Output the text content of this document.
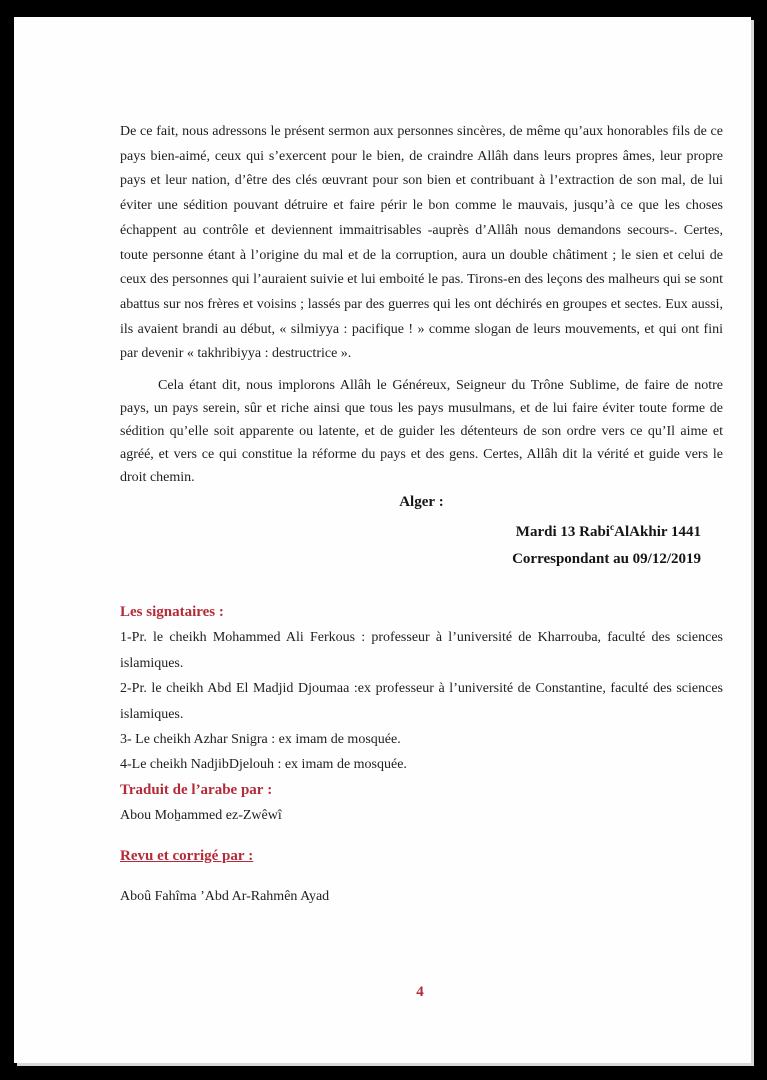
De ce fait, nous adressons le présent sermon aux personnes sincères, de même qu’aux honorables fils de ce pays bien-aimé, ceux qui s’exercent pour le bien, de craindre Allâh dans leurs propres âmes, leur propre pays et leur nation, d’être des clés œuvrant pour son bien et contribuant à l’extraction de son mal, de lui éviter une sédition pouvant détruire et faire périr le bon comme le mauvais, jusqu’à ce que les choses échappent au contrôle et deviennent immaitrisables -auprès d’Allâh nous demandons secours-. Certes, toute personne étant à l’origine du mal et de la corruption, aura un double châtiment ; le sien et celui de ceux des personnes qui l’auraient suivie et lui emboité le pas. Tirons-en des leçons des malheurs qui se sont abattus sur nos frères et voisins ; lassés par des guerres qui les ont déchirés en groupes et sectes. Eux aussi, ils avaient brandi au début, « silmiyya : pacifique ! » comme slogan de leurs mouvements, et qui ont fini par devenir « takhribiyya : destructrice ».

Cela étant dit, nous implorons Allâh le Généreux, Seigneur du Trône Sublime, de faire de notre pays, un pays serein, sûr et riche ainsi que tous les pays musulmans, et de lui faire éviter toute forme de sédition qu’elle soit apparente ou latente, et de guider les détenteurs de son ordre vers ce qu’Il aime et agréé, et vers ce qui constitue la réforme du pays et des gens. Certes, Allâh dit la vérité et guide vers le droit chemin.

Alger :
Mardi 13 Rabi$^c$AlAkhir 1441
Correspondant au 09/12/2019
Les signataires :

1-Pr. le cheikh Mohammed Ali Ferkous : professeur à l’université de Kharrouba, faculté des sciences islamiques.

2-Pr. le cheikh Abd El Madjid Djoumaa :ex professeur à l’université de Constantine, faculté des sciences islamiques.

3- Le cheikh Azhar Snigra : ex imam de mosquée.

4-Le cheikh NadjibDjelouh : ex imam de mosquée.

Traduit de l’arabe par :

Abou Moẖammed ez-Zwêwî

Revu et corrigé par :

Aboû Fahîma ’Abd Ar-Rahmên Ayad

4
